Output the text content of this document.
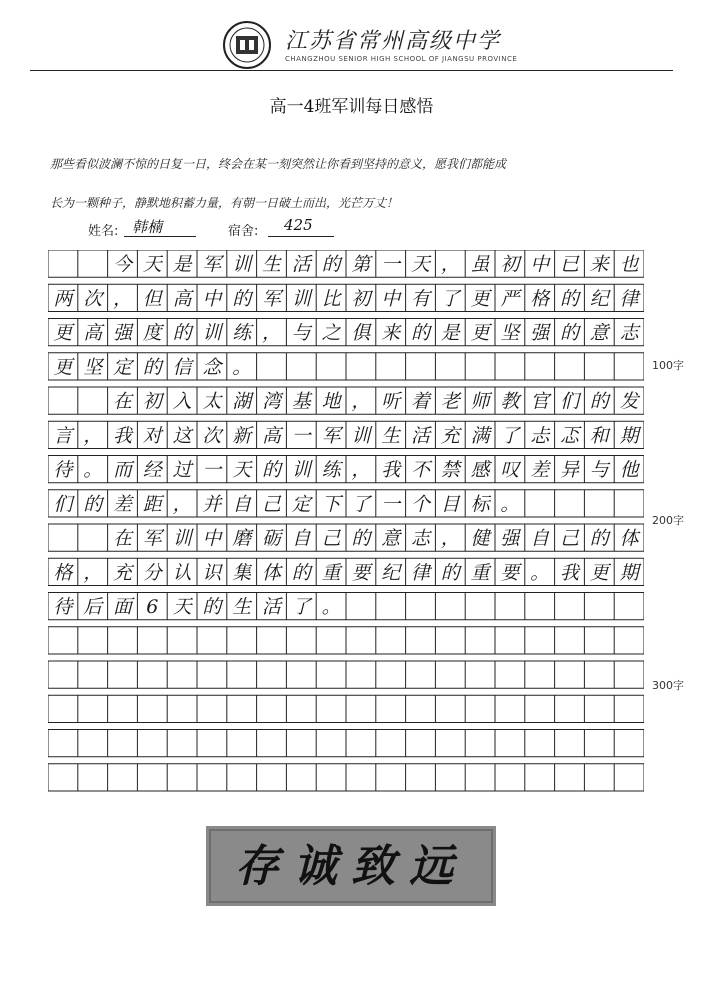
江苏省常州高级中学
CHANGZHOU SENIOR HIGH SCHOOL OF JIANGSU PROVINCE
高一4班军训每日感悟
那些看似波澜不惊的日复一日，终会在某一刻突然让你看到坚持的意义，愿我们都能成
长为一颗种子，静默地积蓄力量，有朝一日破土而出，光芒万丈！
姓名: 韩楠	宿舍: 425
今 天 是 军 训 生 活 的 第 一 天 ， 虽 初 中 已 来 也
两 次 ， 但 高 中 的 军 训 比 初 中 有 了 更 严 格 的 纪 律
更 高 强 度 的 训 练 ， 与 之 俱 来 的 是 更 坚 强 的 意 志
更 坚 定 的 信 念 。
在 初 入 太 湖 湾 基 地 ， 听 着 老 师 教 官 们 的 发
言 ， 我 对 这 次 新 高 一 军 训 生 活 充 满 了 忐 忑 和 期
待 。 而 经 过 一 天 的 训 练 ， 我 不 禁 感 叹 差 异 与 他
们 的 差 距 ， 并 自 己 定 下 了 一 个 目 标 。
在 军 训 中 磨 砺 自 己 的 意 志 ， 健 强 自 己 的 体
格 ， 充 分 认 识 集 体 的 重 要 纪 律 的 重 要 。 我 更 期
待 后 面 6 天 的 生 活 了 。
100字
200字
300字
存诚致远
